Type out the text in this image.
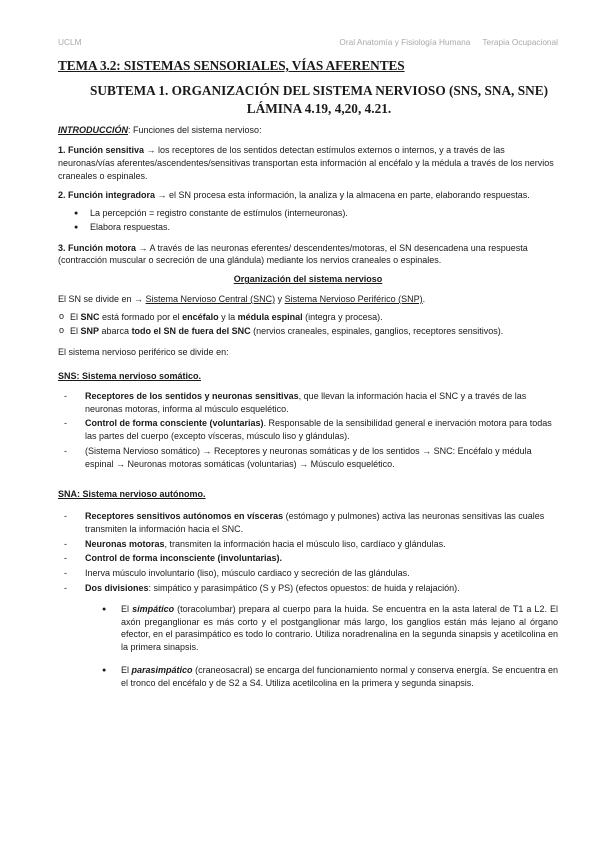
UCLM	Oral Anatomía y Fisiología Humana Terapia Ocupacional
TEMA 3.2: SISTEMAS SENSORIALES, VÍAS AFERENTES
SUBTEMA 1. ORGANIZACIÓN DEL SISTEMA NERVIOSO (SNS, SNA, SNE)
LÁMINA 4.19, 4,20, 4.21.

INTRODUCCIÓN: Funciones del sistema nervioso:

1. Función sensitiva → los receptores de los sentidos detectan estímulos externos o internos, y a través de las neuronas/vías aferentes/ascendentes/sensitivas transportan esta información al encéfalo y la médula a través de los nervios craneales o espinales.

2. Función integradora → el SN procesa esta información, la analiza y la almacena en parte, elaborando respuestas.

● La percepción = registro constante de estímulos (interneuronas).
● Elabora respuestas.

3. Función motora → A través de las neuronas eferentes/ descendentes/motoras, el SN desencadena una respuesta (contracción muscular o secreción de una glándula) mediante los nervios craneales o espinales.

Organización del sistema nervioso

El SN se divide en → Sistema Nervioso Central (SNC) y Sistema Nervioso Periférico (SNP).

o El SNC está formado por el encéfalo y la médula espinal (integra y procesa).
o El SNP abarca todo el SN de fuera del SNC (nervios craneales, espinales, ganglios, receptores sensitivos).

El sistema nervioso periférico se divide en:

SNS: Sistema nervioso somático.
- Receptores de los sentidos y neuronas sensitivas, que llevan la información hacia el SNC y a través de las neuronas motoras, informa al músculo esquelético.
- Control de forma consciente (voluntarias). Responsable de la sensibilidad general e inervación motora para todas las partes del cuerpo (excepto vísceras, músculo liso y glándulas).
- (Sistema Nervioso somático) → Receptores y neuronas somáticas y de los sentidos → SNC: Encéfalo y médula espinal → Neuronas motoras somáticas (voluntarias) → Músculo esquelético.
SNA: Sistema nervioso autónomo.
- Receptores sensitivos autónomos en vísceras (estómago y pulmones) activa las neuronas sensitivas las cuales transmiten la información hacia el SNC.
- Neuronas motoras, transmiten la información hacia el músculo liso, cardíaco y glándulas.
- Control de forma inconsciente (involuntarias).
- Inerva músculo involuntario (liso), músculo cardiaco y secreción de las glándulas.
- Dos divisiones: simpático y parasimpático (S y PS) (efectos opuestos: de huida y relajación).
● El simpático (toracolumbar) prepara al cuerpo para la huida. Se encuentra en la asta lateral de T1 a L2. El axón preganglionar es más corto y el postganglionar más largo, los ganglios están más lejano al órgano efector, en el parasimpático es todo lo contrario. Utiliza noradrenalina en la segunda sinapsis y acetilcolina en la primera sinapsis.
● El parasimpático (craneosacral) se encarga del funcionamiento normal y conserva energía. Se encuentra en el tronco del encéfalo y de S2 a S4. Utiliza acetilcolina en la primera y segunda sinapsis.
